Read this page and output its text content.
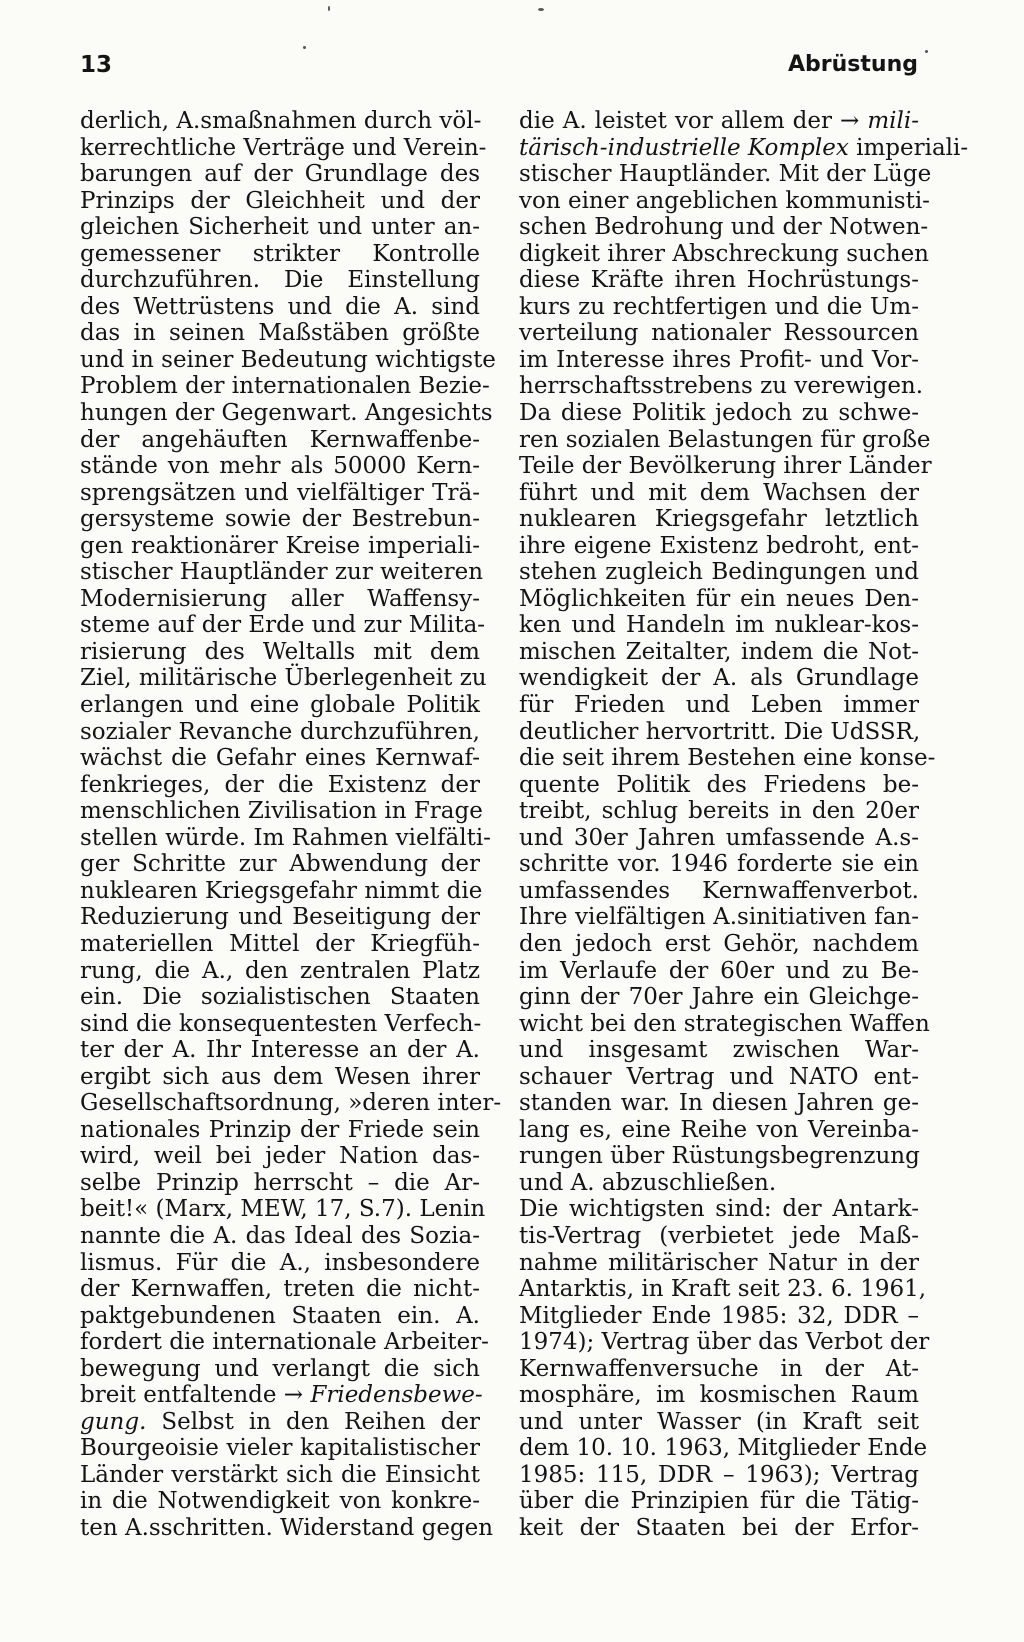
13	Abrüstung
derlich, A.smaßnahmen durch völ-
kerrechtliche Verträge und Verein-
barungen auf der Grundlage des
Prinzips der Gleichheit und der
gleichen Sicherheit und unter an-
gemessener strikter Kontrolle
durchzuführen. Die Einstellung
des Wettrüstens und die A. sind
das in seinen Maßstäben größte
und in seiner Bedeutung wichtigste
Problem der internationalen Bezie-
hungen der Gegenwart. Angesichts
der angehäuften Kernwaffenbe-
stände von mehr als 50000 Kern-
sprengsätzen und vielfältiger Trä-
gersysteme sowie der Bestrebun-
gen reaktionärer Kreise imperiali-
stischer Hauptländer zur weiteren
Modernisierung aller Waffensy-
steme auf der Erde und zur Milita-
risierung des Weltalls mit dem
Ziel, militärische Überlegenheit zu
erlangen und eine globale Politik
sozialer Revanche durchzuführen,
wächst die Gefahr eines Kernwaf-
fenkrieges, der die Existenz der
menschlichen Zivilisation in Frage
stellen würde. Im Rahmen vielfälti-
ger Schritte zur Abwendung der
nuklearen Kriegsgefahr nimmt die
Reduzierung und Beseitigung der
materiellen Mittel der Kriegfüh-
rung, die A., den zentralen Platz
ein. Die sozialistischen Staaten
sind die konsequentesten Verfech-
ter der A. Ihr Interesse an der A.
ergibt sich aus dem Wesen ihrer
Gesellschaftsordnung, »deren inter-
nationales Prinzip der Friede sein
wird, weil bei jeder Nation das-
selbe Prinzip herrscht – die Ar-
beit!« (Marx, MEW, 17, S.7). Lenin
nannte die A. das Ideal des Sozia-
lismus. Für die A., insbesondere
der Kernwaffen, treten die nicht-
paktgebundenen Staaten ein. A.
fordert die internationale Arbeiter-
bewegung und verlangt die sich
breit entfaltende → Friedensbewe-
gung. Selbst in den Reihen der
Bourgeoisie vieler kapitalistischer
Länder verstärkt sich die Einsicht
in die Notwendigkeit von konkre-
ten A.sschritten. Widerstand gegen
die A. leistet vor allem der → mili-
tärisch-industrielle Komplex imperiali-
stischer Hauptländer. Mit der Lüge
von einer angeblichen kommunisti-
schen Bedrohung und der Notwen-
digkeit ihrer Abschreckung suchen
diese Kräfte ihren Hochrüstungs-
kurs zu rechtfertigen und die Um-
verteilung nationaler Ressourcen
im Interesse ihres Profit- und Vor-
herrschaftsstrebens zu verewigen.
Da diese Politik jedoch zu schwe-
ren sozialen Belastungen für große
Teile der Bevölkerung ihrer Länder
führt und mit dem Wachsen der
nuklearen Kriegsgefahr letztlich
ihre eigene Existenz bedroht, ent-
stehen zugleich Bedingungen und
Möglichkeiten für ein neues Den-
ken und Handeln im nuklear-kos-
mischen Zeitalter, indem die Not-
wendigkeit der A. als Grundlage
für Frieden und Leben immer
deutlicher hervortritt. Die UdSSR,
die seit ihrem Bestehen eine konse-
quente Politik des Friedens be-
treibt, schlug bereits in den 20er
und 30er Jahren umfassende A.s-
schritte vor. 1946 forderte sie ein
umfassendes Kernwaffenverbot.
Ihre vielfältigen A.sinitiativen fan-
den jedoch erst Gehör, nachdem
im Verlaufe der 60er und zu Be-
ginn der 70er Jahre ein Gleichge-
wicht bei den strategischen Waffen
und insgesamt zwischen War-
schauer Vertrag und NATO ent-
standen war. In diesen Jahren ge-
lang es, eine Reihe von Vereinba-
rungen über Rüstungsbegrenzung
und A. abzuschließen.
Die wichtigsten sind: der Antark-
tis-Vertrag (verbietet jede Maß-
nahme militärischer Natur in der
Antarktis, in Kraft seit 23. 6. 1961,
Mitglieder Ende 1985: 32, DDR –
1974); Vertrag über das Verbot der
Kernwaffenversuche in der At-
mosphäre, im kosmischen Raum
und unter Wasser (in Kraft seit
dem 10. 10. 1963, Mitglieder Ende
1985: 115, DDR – 1963); Vertrag
über die Prinzipien für die Tätig-
keit der Staaten bei der Erfor-
